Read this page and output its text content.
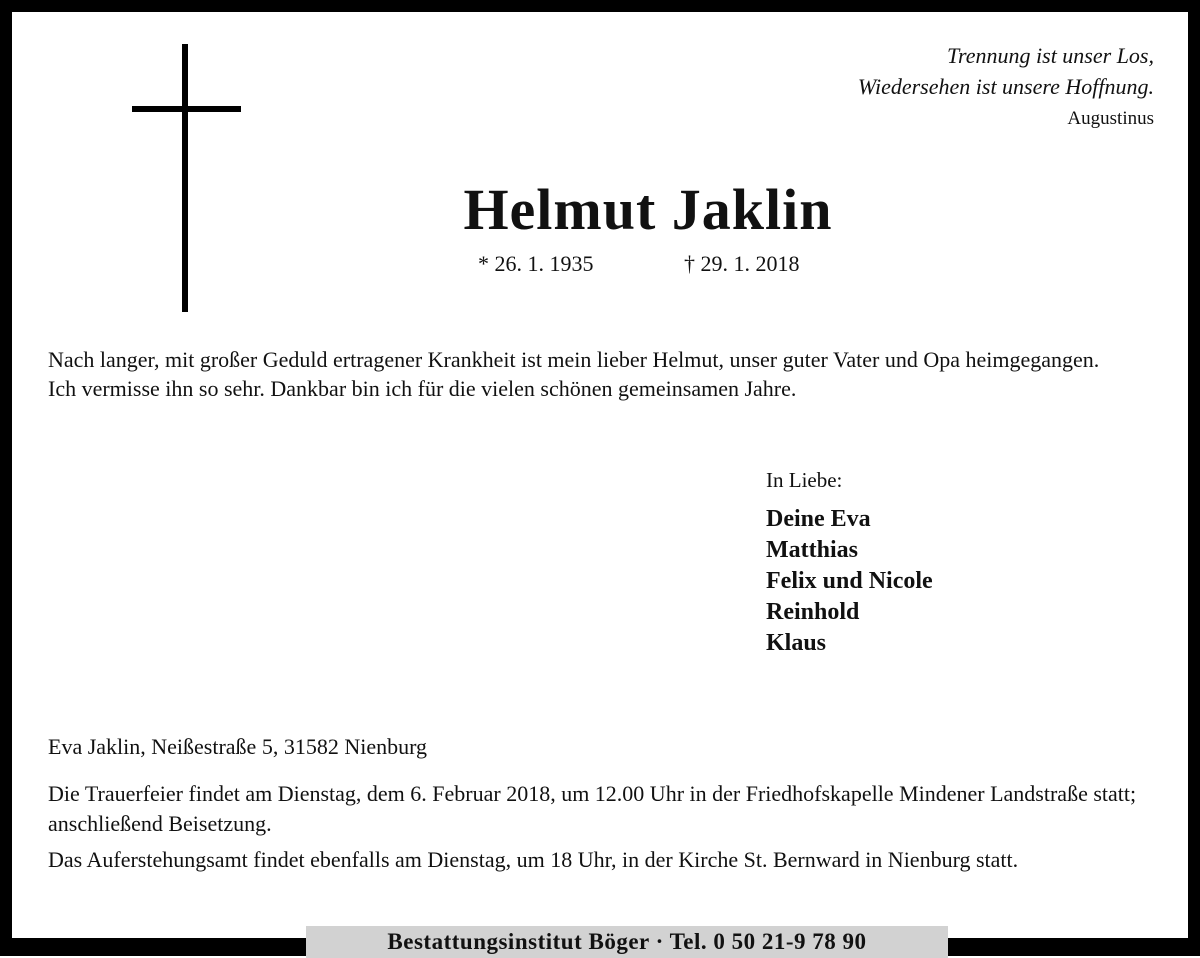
Trennung ist unser Los,
Wiedersehen ist unsere Hoffnung.
Augustinus
Helmut Jaklin
* 26. 1. 1935	† 29. 1. 2018

Nach langer, mit großer Geduld ertragener Krankheit ist mein lieber Helmut, unser guter Vater und Opa heimgegangen.

Ich vermisse ihn so sehr. Dankbar bin ich für die vielen schönen gemeinsamen Jahre.

In Liebe:
Deine Eva
Matthias
Felix und Nicole
Reinhold
Klaus
Eva Jaklin, Neißestraße 5, 31582 Nienburg

Die Trauerfeier findet am Dienstag, dem 6. Februar 2018, um 12.00 Uhr in der Friedhofskapelle Mindener Landstraße statt; anschließend Beisetzung.

Das Auferstehungsamt findet ebenfalls am Dienstag, um 18 Uhr, in der Kirche St. Bernward in Nienburg statt.

Bestattungsinstitut Böger · Tel. 0 50 21-9 78 90
